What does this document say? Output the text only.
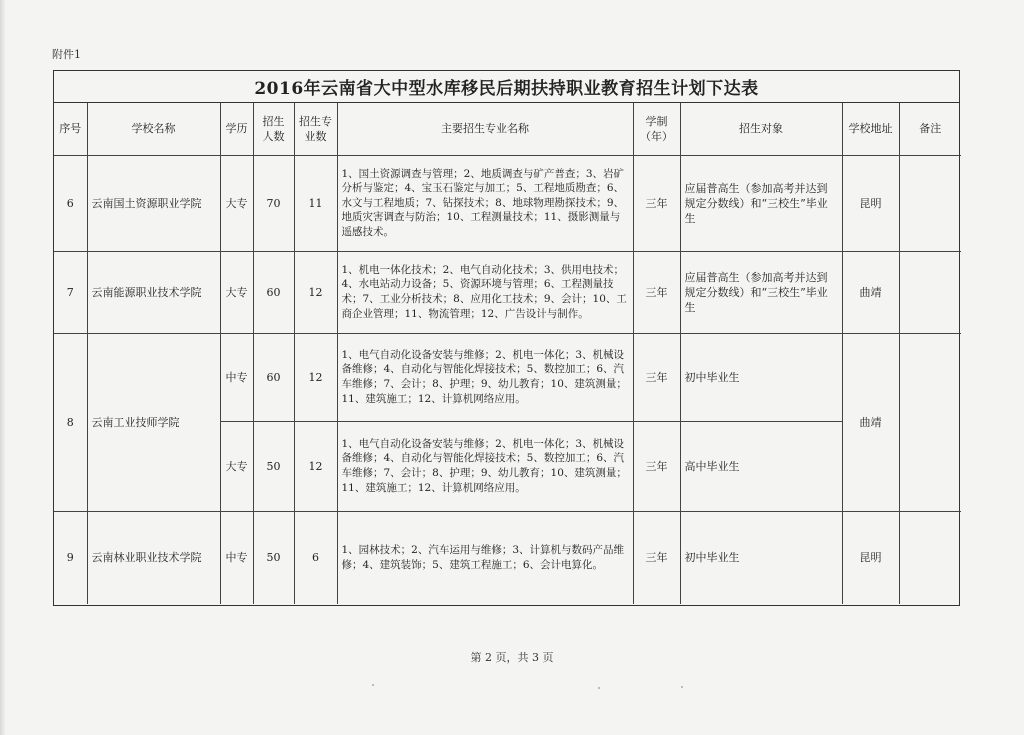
附件1
2016年云南省大中型水库移民后期扶持职业教育招生计划下达表
序号	学校名称	学历	招生人数	招生专业数	主要招生专业名称	学制（年）	招生对象	学校地址	备注
6	云南国土资源职业学院	大专	70	11	1、国土资源调查与管理；2、地质调查与矿产普查；3、岩矿分析与鉴定；4、宝玉石鉴定与加工；5、工程地质勘查；6、水文与工程地质；7、钻探技术；8、地球物理勘探技术；9、地质灾害调查与防治；10、工程测量技术；11、摄影测量与遥感技术。	三年	应届普高生（参加高考并达到规定分数线）和“三校生”毕业生	昆明	
7	云南能源职业技术学院	大专	60	12	1、机电一体化技术；2、电气自动化技术；3、供用电技术；4、水电站动力设备；5、资源环境与管理；6、工程测量技术；7、工业分析技术；8、应用化工技术；9、会计；10、工商企业管理；11、物流管理；12、广告设计与制作。	三年	应届普高生（参加高考并达到规定分数线）和“三校生”毕业生	曲靖	
8	云南工业技师学院	中专	60	12	1、电气自动化设备安装与维修；2、机电一体化；3、机械设备维修；4、自动化与智能化焊接技术；5、数控加工；6、汽车维修；7、会计；8、护理；9、幼儿教育；10、建筑测量；11、建筑施工；12、计算机网络应用。	三年	初中毕业生	曲靖	
		大专	50	12	1、电气自动化设备安装与维修；2、机电一体化；3、机械设备维修；4、自动化与智能化焊接技术；5、数控加工；6、汽车维修；7、会计；8、护理；9、幼儿教育；10、建筑测量；11、建筑施工；12、计算机网络应用。	三年	高中毕业生		
9	云南林业职业技术学院	中专	50	6	1、园林技术；2、汽车运用与维修；3、计算机与数码产品维修；4、建筑装饰；5、建筑工程施工；6、会计电算化。	三年	初中毕业生	昆明	
第 2 页，共 3 页
